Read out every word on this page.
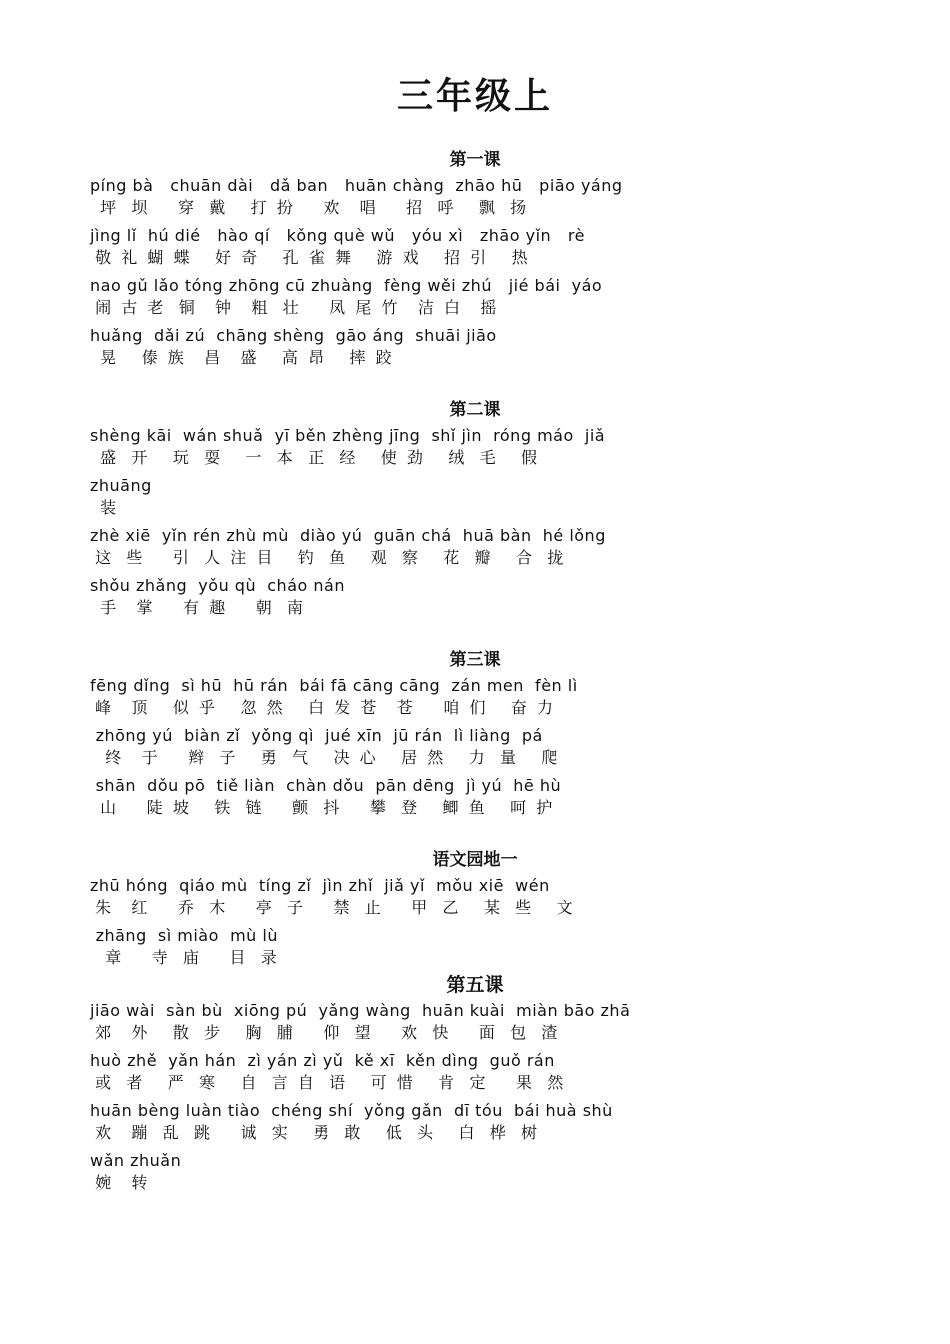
三年级上
第一课
píng bà   chuān dài   dǎ ban   huān chàng  zhāo hū   piāo yáng
坪   坝      穿   戴     打  扮      欢    唱      招   呼     飘   扬
jìng lǐ  hú dié   hào qí   kǒng què wǔ   yóu xì   zhāo yǐn   rè
敬  礼  蝴  蝶     好  奇     孔  雀  舞     游  戏     招  引     热
nao gǔ lǎo tóng zhōng cū zhuàng  fèng wěi zhú   jié bái  yáo
闹  古  老   铜    钟    粗   壮      凤  尾  竹    洁  白    摇
huǎng  dǎi zú  chāng shèng  gāo áng  shuāi jiāo
晃     傣  族    昌    盛     高  昂     摔  跤
第二课
shèng kāi  wán shuǎ  yī běn zhèng jīng  shǐ jìn  róng máo  jiǎ
盛   开     玩   耍     一   本   正   经     使  劲     绒   毛     假
zhuāng
装
zhè xiē  yǐn rén zhù mù  diào yú  guān chá  huā bàn  hé lǒng
这   些      引   人  注  目     钓   鱼     观   察     花   瓣     合   拢
shǒu zhǎng  yǒu qù  cháo nán
手    掌      有  趣      朝   南
第三课
fēng dǐng  sì hū  hū rán  bái fā cāng cāng  zán men  fèn lì
峰    顶     似  乎     忽  然     白  发  苍    苍      咱  们     奋  力
zhōng yú  biàn zǐ  yǒng qì  jué xīn  jū rán  lì liàng  pá
终    于      辫   子     勇   气     决  心     居  然     力   量     爬
shān  dǒu pō  tiě liàn  chàn dǒu  pān dēng  jì yú  hē hù
山      陡  坡     铁   链      颤   抖      攀   登     鲫  鱼     呵  护
语文园地一
zhū hóng  qiáo mù  tíng zǐ  jìn zhǐ  jiǎ yǐ  mǒu xiē  wén
朱    红      乔   木      亭   子      禁   止      甲   乙     某   些     文
zhāng  sì miào  mù lù
章      寺   庙      目   录
第五课
jiāo wài  sàn bù  xiōng pú  yǎng wàng  huān kuài  miàn bāo zhā
郊    外     散   步     胸   脯      仰   望      欢   快      面   包   渣
huò zhě  yǎn hán  zì yán zì yǔ  kě xī  kěn dìng  guǒ rán
或   者     严   寒     自   言  自   语     可  惜     肯   定      果   然
huān bèng luàn tiào  chéng shí  yǒng gǎn  dī tóu  bái huà shù
欢    蹦   乱   跳      诚   实     勇   敢     低   头     白   桦   树
wǎn zhuǎn
婉    转
